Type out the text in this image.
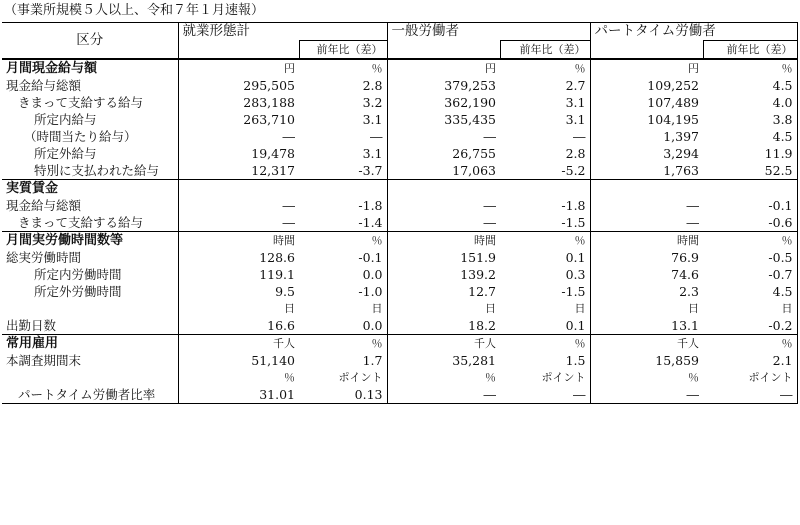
（事業所規模５人以上、令和７年１月速報）
区分	就業形態計		一般労働者		パートタイム労働者	
		前年比（差）		前年比（差）		前年比（差）
月間現金給与額	円	％	円	％	円	％
現金給与総額	295,505	2.8	379,253	2.7	109,252	4.5
きまって支給する給与	283,188	3.2	362,190	3.1	107,489	4.0
所定内給与	263,710	3.1	335,435	3.1	104,195	3.8
（時間当たり給与）	―	―	―	―	1,397	4.5
所定外給与	19,478	3.1	26,755	2.8	3,294	11.9
特別に支払われた給与	12,317	-3.7	17,063	-5.2	1,763	52.5
実質賃金						
現金給与総額	―	-1.8	―	-1.8	―	-0.1
きまって支給する給与	―	-1.4	―	-1.5	―	-0.6
月間実労働時間数等	時間	％	時間	％	時間	％
総実労働時間	128.6	-0.1	151.9	0.1	76.9	-0.5
所定内労働時間	119.1	0.0	139.2	0.3	74.6	-0.7
所定外労働時間	9.5	-1.0	12.7	-1.5	2.3	4.5
	日	日	日	日	日	日
出勤日数	16.6	0.0	18.2	0.1	13.1	-0.2
常用雇用	千人	％	千人	％	千人	％
本調査期間末	51,140	1.7	35,281	1.5	15,859	2.1
	％	ポイント	％	ポイント	％	ポイント
パートタイム労働者比率	31.01	0.13	―	―	―	―
